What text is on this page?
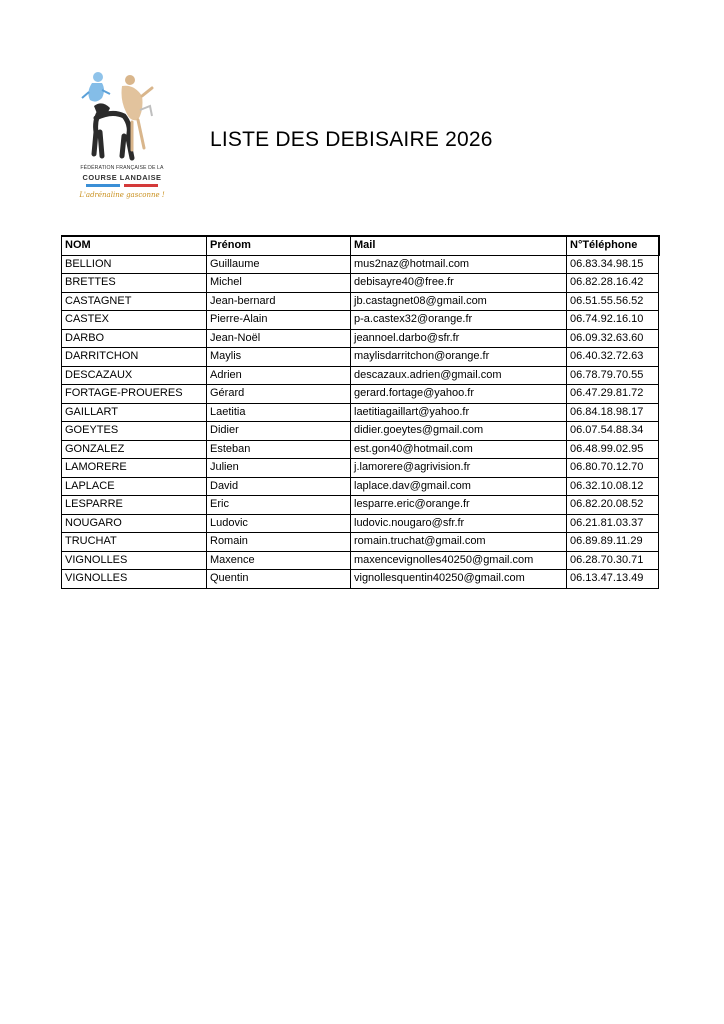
FÉDÉRATION FRANÇAISE DE LA
COURSE LANDAISE
L'adrénaline gasconne !
LISTE DES DEBISAIRE 2026
NOM	Prénom	Mail	N°Téléphone
BELLION	Guillaume	mus2naz@hotmail.com	06.83.34.98.15
BRETTES	Michel	debisayre40@free.fr	06.82.28.16.42
CASTAGNET	Jean-bernard	jb.castagnet08@gmail.com	06.51.55.56.52
CASTEX	Pierre-Alain	p-a.castex32@orange.fr	06.74.92.16.10
DARBO	Jean-Noël	jeannoel.darbo@sfr.fr	06.09.32.63.60
DARRITCHON	Maylis	maylisdarritchon@orange.fr	06.40.32.72.63
DESCAZAUX	Adrien	descazaux.adrien@gmail.com	06.78.79.70.55
FORTAGE-PROUERES	Gérard	gerard.fortage@yahoo.fr	06.47.29.81.72
GAILLART	Laetitia	laetitiagaillart@yahoo.fr	06.84.18.98.17
GOEYTES	Didier	didier.goeytes@gmail.com	06.07.54.88.34
GONZALEZ	Esteban	est.gon40@hotmail.com	06.48.99.02.95
LAMORERE	Julien	j.lamorere@agrivision.fr	06.80.70.12.70
LAPLACE	David	laplace.dav@gmail.com	06.32.10.08.12
LESPARRE	Eric	lesparre.eric@orange.fr	06.82.20.08.52
NOUGARO	Ludovic	ludovic.nougaro@sfr.fr	06.21.81.03.37
TRUCHAT	Romain	romain.truchat@gmail.com	06.89.89.11.29
VIGNOLLES	Maxence	maxencevignolles40250@gmail.com	06.28.70.30.71
VIGNOLLES	Quentin	vignollesquentin40250@gmail.com	06.13.47.13.49
